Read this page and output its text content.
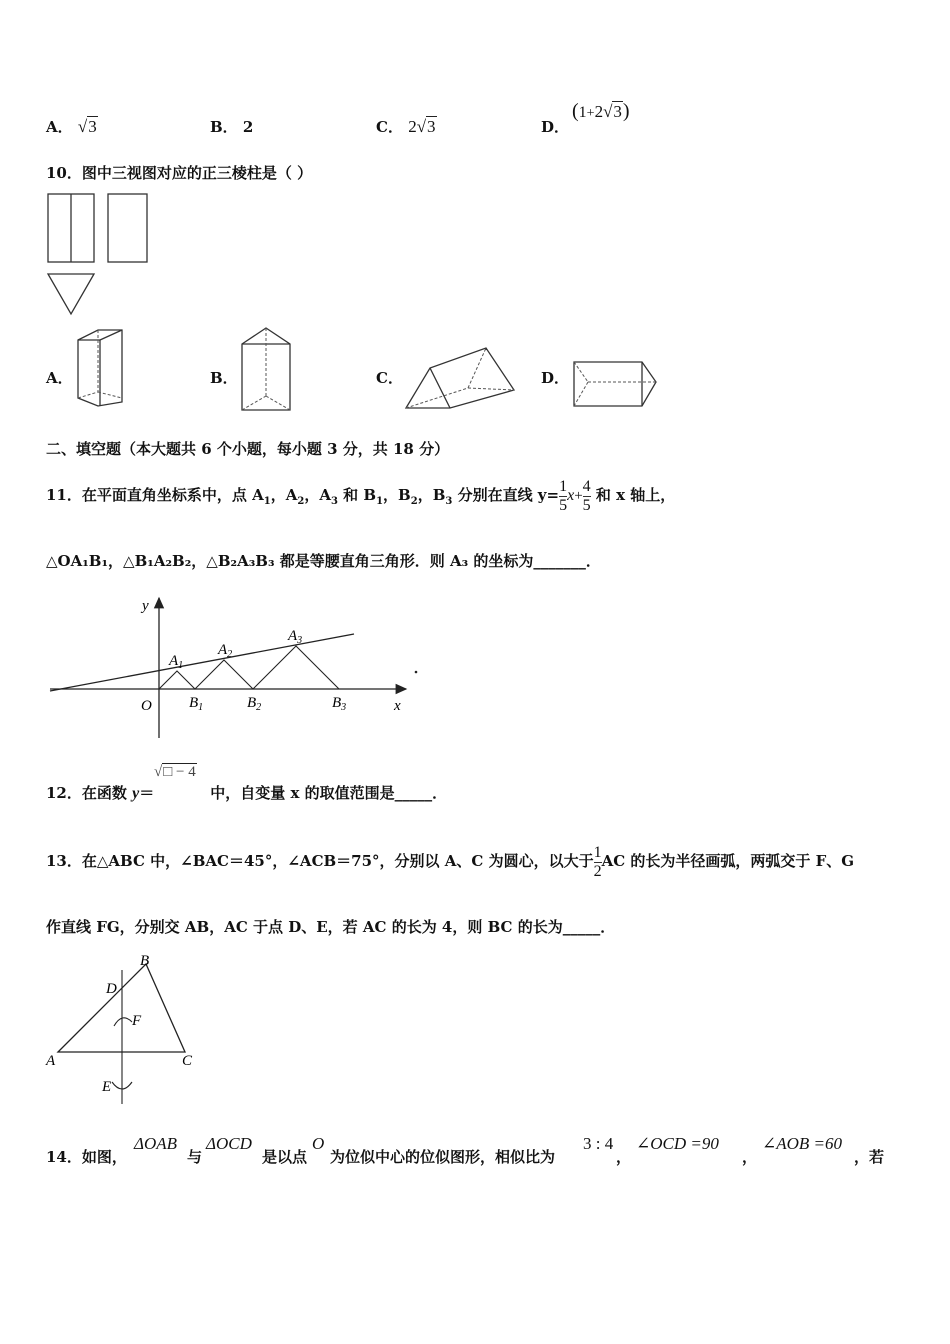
A． √3	B． 2	C． 2√3	D．
(1+2√3)
10．图中三视图对应的正三棱柱是（ ）
A．	B．	C．	D．
二、填空题（本大题共 6 个小题，每小题 3 分，共 18 分）
11．在平面直角坐标系中，点 $A_1$，$A_2$，$A_3$ 和 $B_1$，$B_2$，$B_3$ 分别在直线 $y= \frac{1}{5} x+ \frac{4}{5}$ 和 x 轴上，
△OA₁B₁，△B₁A₂B₂，△B₂A₃B₃ 都是等腰直角三角形．则 A₃ 的坐标为_______．
y
x
O
$A_1$
$A_2$
$A_3$
$B_1$	$B_2$	$B_3$
12．在函数 y＝
√□ − 4
中，自变量 x 的取值范围是_____．
13．在△ABC 中，∠BAC＝45°，∠ACB＝75°，分别以 A、C 为圆心，以大于 $\frac{1}{2}$ AC 的长为半径画弧，两弧交于 F、G
作直线 FG，分别交 AB，AC 于点 D、E，若 AC 的长为 4，则 BC 的长为_____．
A
B
C
D
E
F
14．如图，
ΔOAB
与
ΔOCD
是以点
O
为位似中心的位似图形，相似比为
3 : 4
，
∠OCD =90
，
∠AOB =60
，若
